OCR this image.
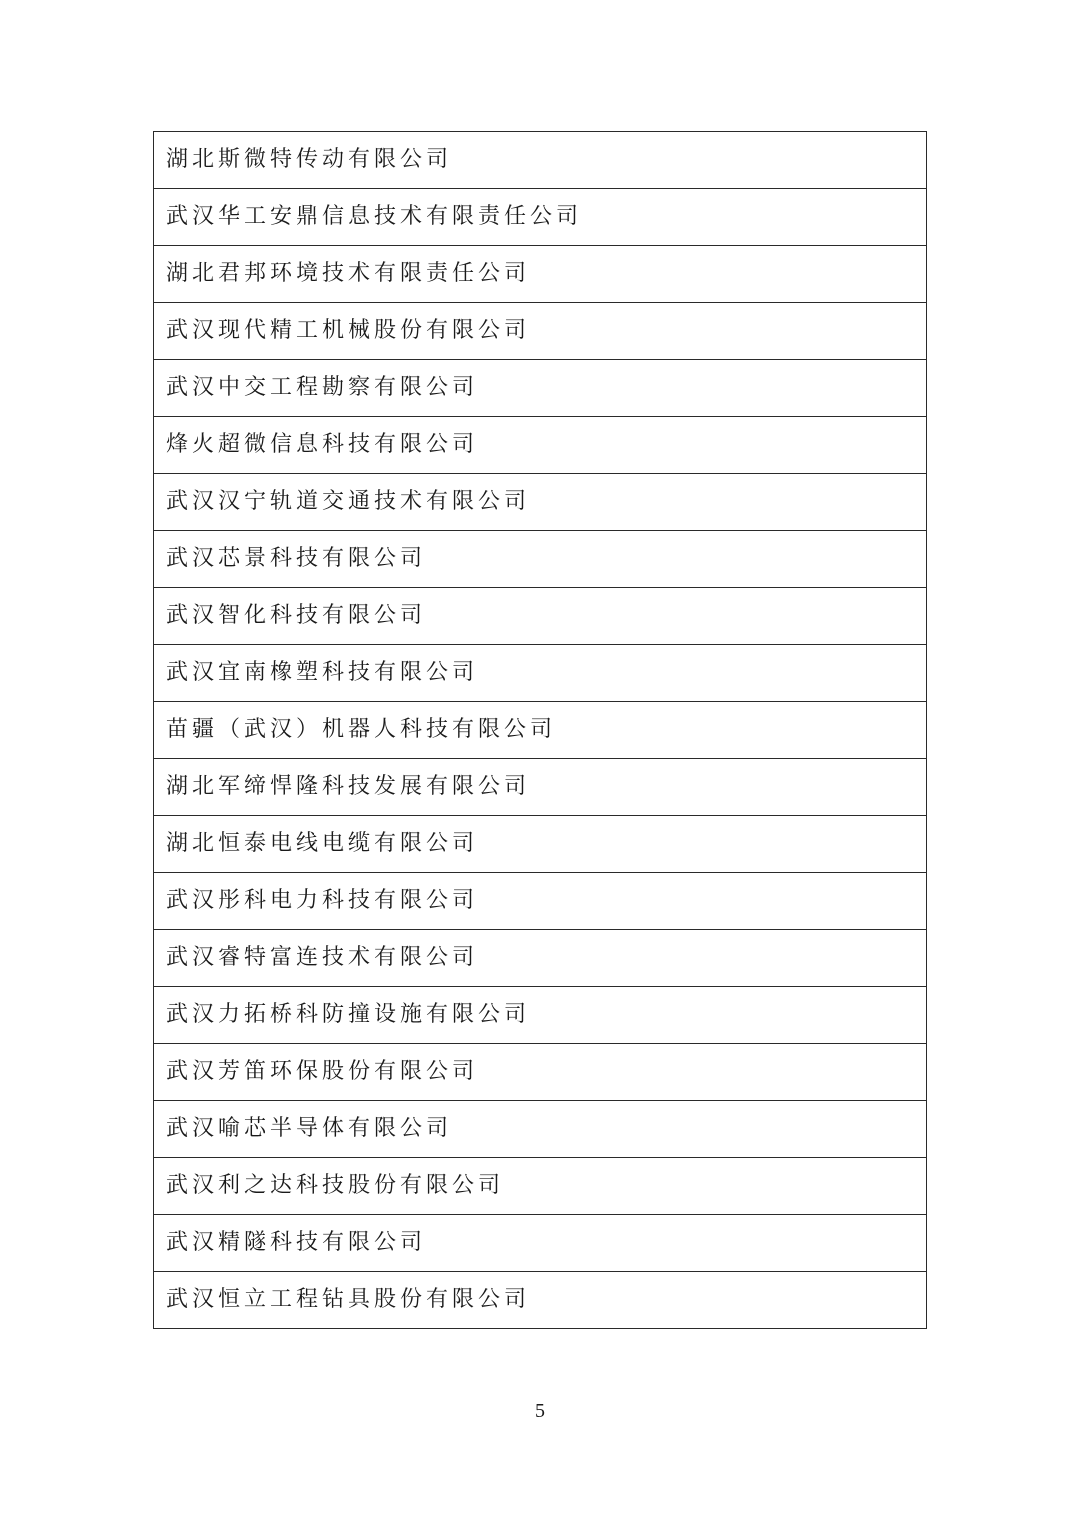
湖北斯微特传动有限公司
武汉华工安鼎信息技术有限责任公司
湖北君邦环境技术有限责任公司
武汉现代精工机械股份有限公司
武汉中交工程勘察有限公司
烽火超微信息科技有限公司
武汉汉宁轨道交通技术有限公司
武汉芯景科技有限公司
武汉智化科技有限公司
武汉宜南橡塑科技有限公司
苗疆（武汉）机器人科技有限公司
湖北军缔悍隆科技发展有限公司
湖北恒泰电线电缆有限公司
武汉彤科电力科技有限公司
武汉睿特富连技术有限公司
武汉力拓桥科防撞设施有限公司
武汉芳笛环保股份有限公司
武汉喻芯半导体有限公司
武汉利之达科技股份有限公司
武汉精隧科技有限公司
武汉恒立工程钻具股份有限公司
5
